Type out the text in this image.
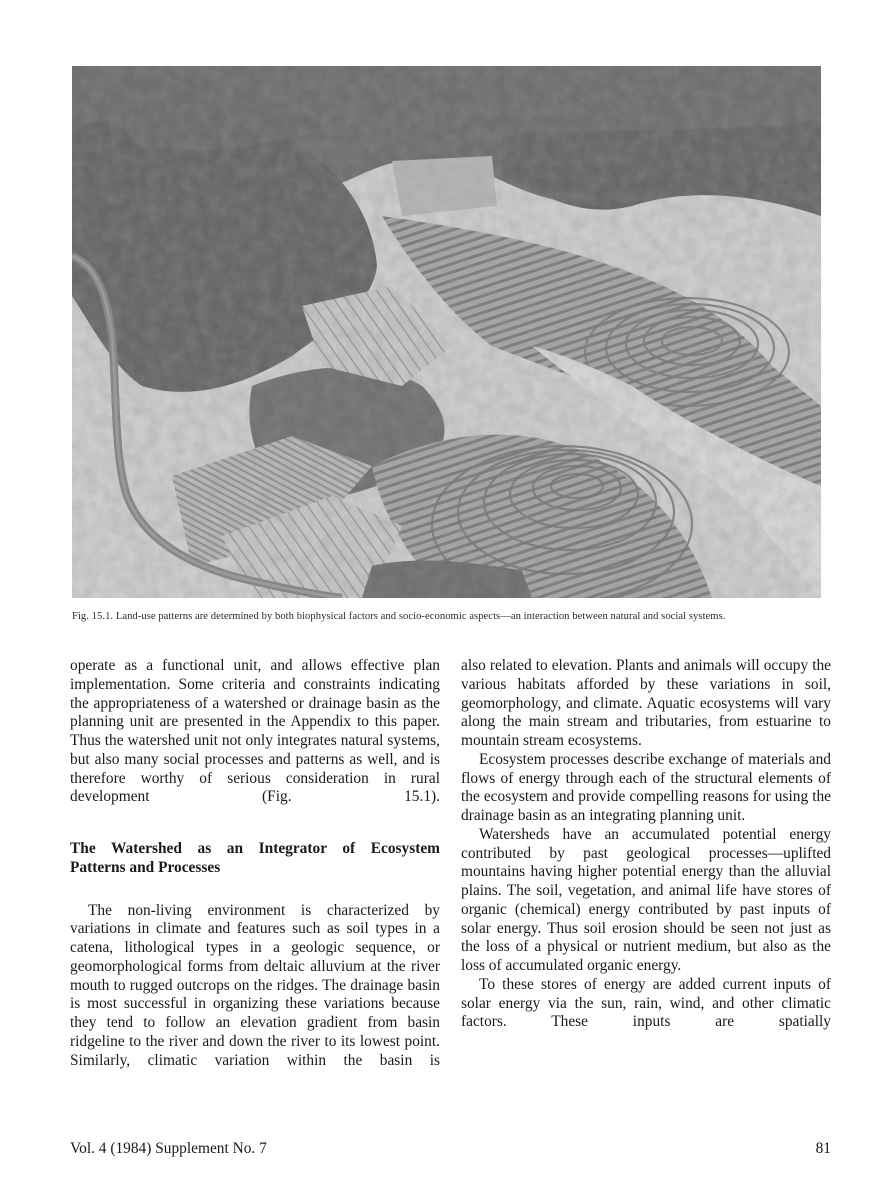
Fig. 15.1. Land-use patterns are determined by both biophysical factors and socio-economic aspects—an interaction between natural and social systems.

operate as a functional unit, and allows effective plan implementation. Some criteria and constraints indicating the appropriateness of a watershed or drainage basin as the planning unit are presented in the Appendix to this paper. Thus the watershed unit not only integrates natural systems, but also many social processes and patterns as well, and is therefore worthy of serious consideration in rural development (Fig. 15.1).

The Watershed as an Integrator of Ecosystem
Patterns and Processes

The non-living environment is characterized by variations in climate and features such as soil types in a catena, lithological types in a geologic sequence, or geomorphological forms from deltaic alluvium at the river mouth to rugged outcrops on the ridges. The drainage basin is most successful in organizing these variations because they tend to follow an elevation gradient from basin ridgeline to the river and down the river to its lowest point. Similarly, climatic variation within the basin is

also related to elevation. Plants and animals will occupy the various habitats afforded by these variations in soil, geomorphology, and climate. Aquatic ecosystems will vary along the main stream and tributaries, from estuarine to mountain stream ecosystems.

Ecosystem processes describe exchange of materials and flows of energy through each of the structural elements of the ecosystem and provide compelling reasons for using the drainage basin as an integrating planning unit.

Watersheds have an accumulated potential energy contributed by past geological processes—uplifted mountains having higher potential energy than the alluvial plains. The soil, vegetation, and animal life have stores of organic (chemical) energy contributed by past inputs of solar energy. Thus soil erosion should be seen not just as the loss of a physical or nutrient medium, but also as the loss of accumulated organic energy.

To these stores of energy are added current inputs of solar energy via the sun, rain, wind, and other climatic factors. These inputs are spatially

Vol. 4 (1984) Supplement No. 7	81
